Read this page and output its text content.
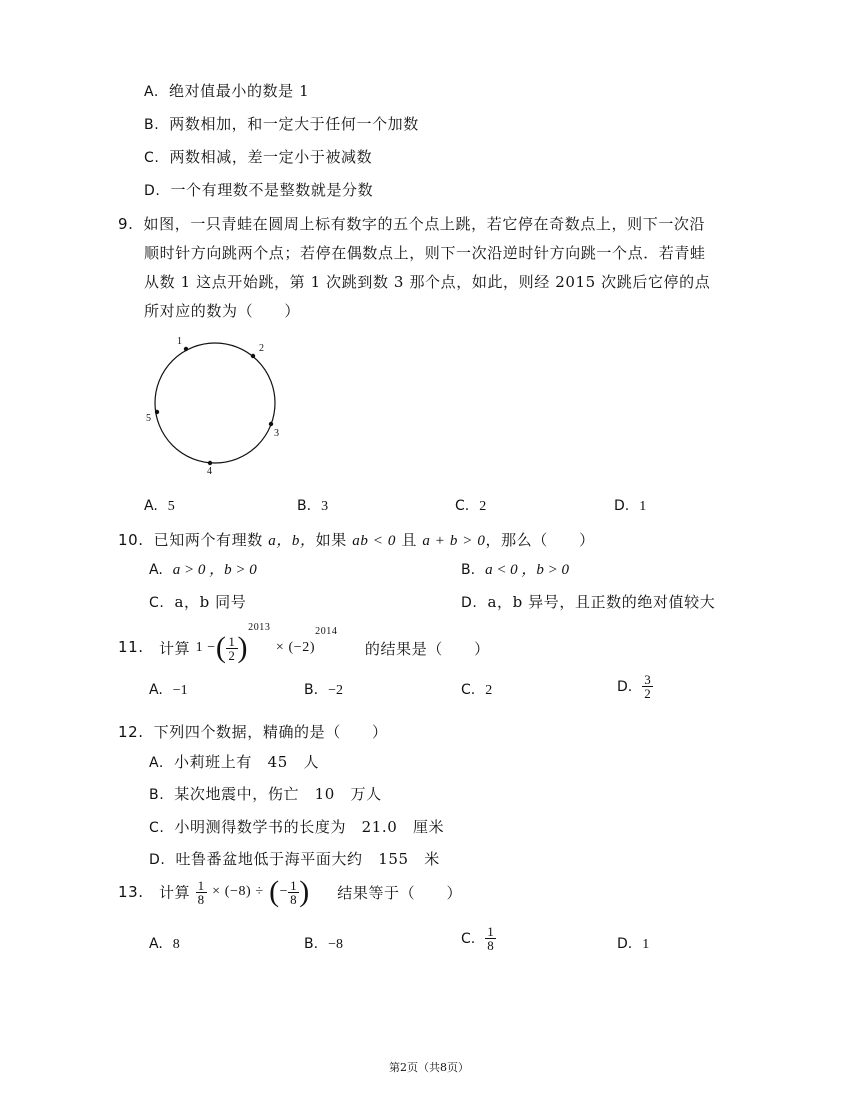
A. 绝对值最小的数是 1
B. 两数相加，和一定大于任何一个加数
C. 两数相减，差一定小于被减数
D. 一个有理数不是整数就是分数
9. 如图，一只青蛙在圆周上标有数字的五个点上跳，若它停在奇数点上，则下一次沿
顺时针方向跳两个点；若停在偶数点上，则下一次沿逆时针方向跳一个点．若青蛙
从数 1 这点开始跳，第 1 次跳到数 3 那个点，如此，则经 2015 次跳后它停的点
所对应的数为（　　）
1
2
3
4
5
A. 5	B. 3	C. 2	D. 1
10. 已知两个有理数 a，b，如果 ab < 0 且 a + b > 0，那么（　　）
A. a > 0 ，b > 0	B. a < 0 ，b > 0
C. a，b 同号	D. a，b 异号，且正数的绝对值较大
11. 计算 1 −( $\frac{1}{2} )^{2013} \times (-2)^{2014}$ 的结果是（　　）
A. −1	B. −2	C. 2	D. $\frac{3}{2}$
12. 下列四个数据，精确的是（　　）
A. 小莉班上有　45　人
B. 某次地震中，伤亡　10　万人
C. 小明测得数学书的长度为　21.0　厘米
D. 吐鲁番盆地低于海平面大约　155　米
13. 计算 $\frac{1}{8} \times (-8)$ ÷ (− $\frac{1}{8}$ ) 结果等于（　　）
A. 8	B. −8	C. $\frac{1}{8}$	D. 1
第2页（共8页）
